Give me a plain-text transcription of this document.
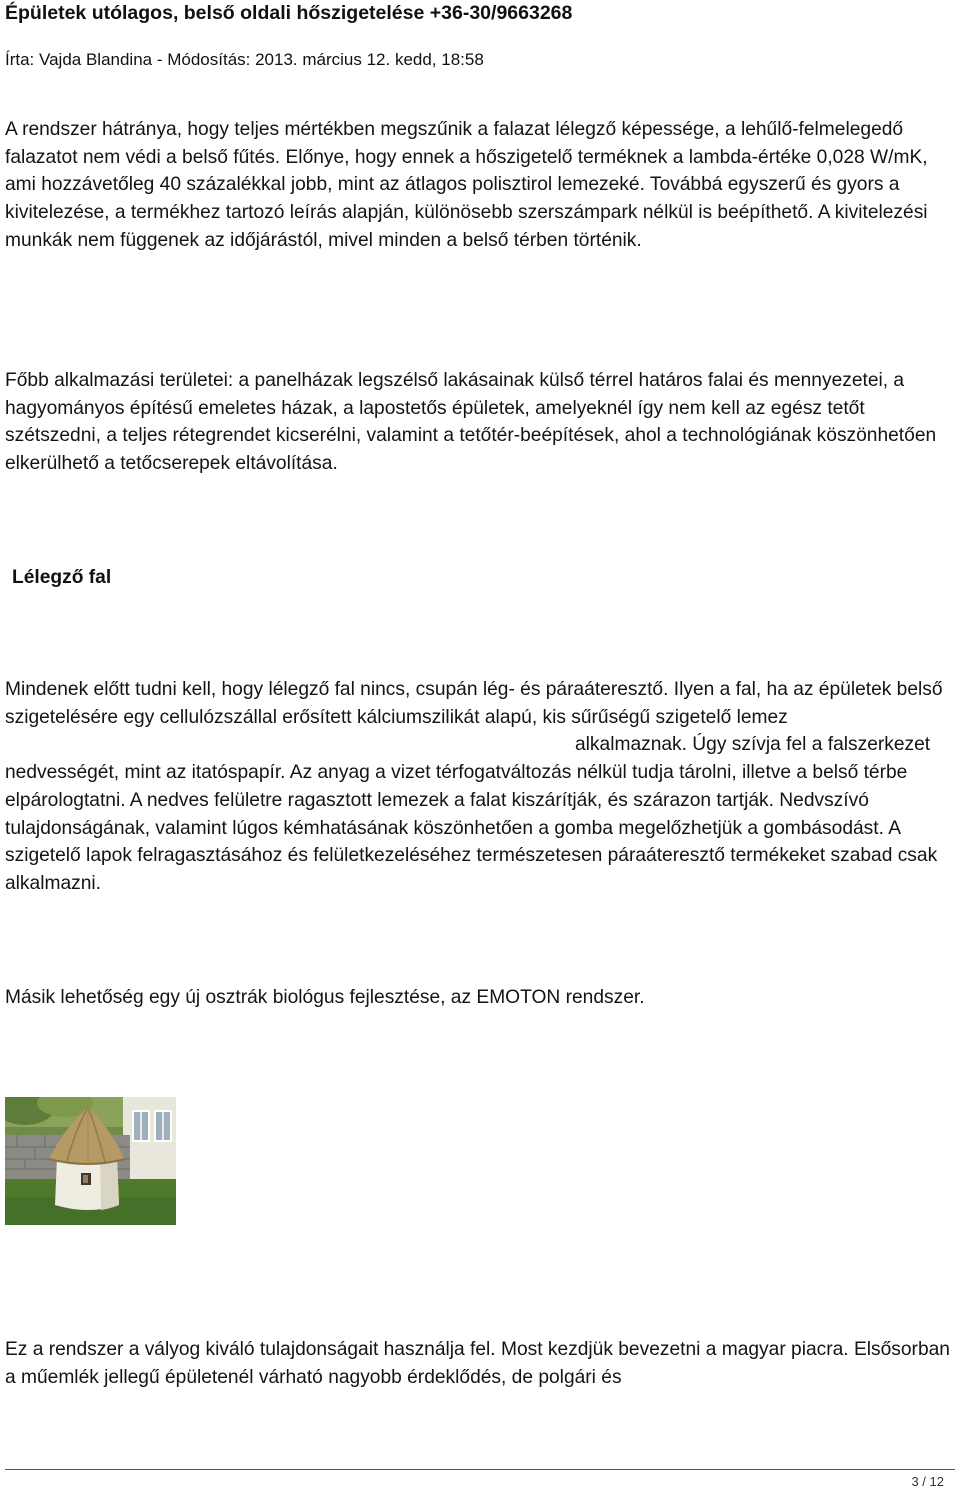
Épületek utólagos, belső oldali hőszigetelése +36-30/9663268
Írta: Vajda Blandina - Módosítás: 2013. március 12. kedd, 18:58

A rendszer hátránya, hogy teljes mértékben megszűnik a falazat lélegző képessége, a lehűlő-felmelegedő falazatot nem védi a belső fűtés. Előnye, hogy ennek a hőszigetelő terméknek a lambda-értéke 0,028 W/mK, ami hozzávetőleg 40 százalékkal jobb, mint az átlagos polisztirol lemezeké. Továbbá egyszerű és gyors a kivitelezése, a termékhez tartozó leírás alapján, különösebb szerszámpark nélkül is beépíthető. A kivitelezési munkák nem függenek az időjárástól, mivel minden a belső térben történik.

Főbb alkalmazási területei: a panelházak legszélső lakásainak külső térrel határos falai és mennyezetei, a hagyományos építésű emeletes házak, a lapostetős épületek, amelyeknél így nem kell az egész tetőt szétszedni, a teljes rétegrendet kicserélni, valamint a tetőtér-beépítések, ahol a technológiának köszönhetően elkerülhető a tetőcserepek eltávolítása.

Lélegző fal

Mindenek előtt tudni kell, hogy lélegző fal nincs, csupán lég- és páraáteresztő. Ilyen a fal, ha az épületek belső szigetelésére egy cellulózszállal erősített kálciumszilikát alapú, kis sűrűségű szigetelő lemezalkalmaznak. Úgy szívja fel a falszerkezet nedvességét, mint az itatóspapír. Az anyag a vizet térfogatváltozás nélkül tudja tárolni, illetve a belső térbe elpárologtatni. A nedves felületre ragasztott lemezek a falat kiszárítják, és szárazon tartják. Nedvszívó tulajdonságának, valamint lúgos kémhatásának köszönhetően a gomba megelőzhetjük a gombásodást. A szigetelő lapok felragasztásához és felületkezeléséhez természetesen páraáteresztő termékeket szabad csak alkalmazni.

Másik lehetőség egy új osztrák biológus fejlesztése, az EMOTON rendszer.

Ez a rendszer a vályog kiváló tulajdonságait használja fel. Most kezdjük bevezetni a magyar piacra. Elsősorban a műemlék jellegű épületenél várható nagyobb érdeklődés, de polgári és

3 / 12
